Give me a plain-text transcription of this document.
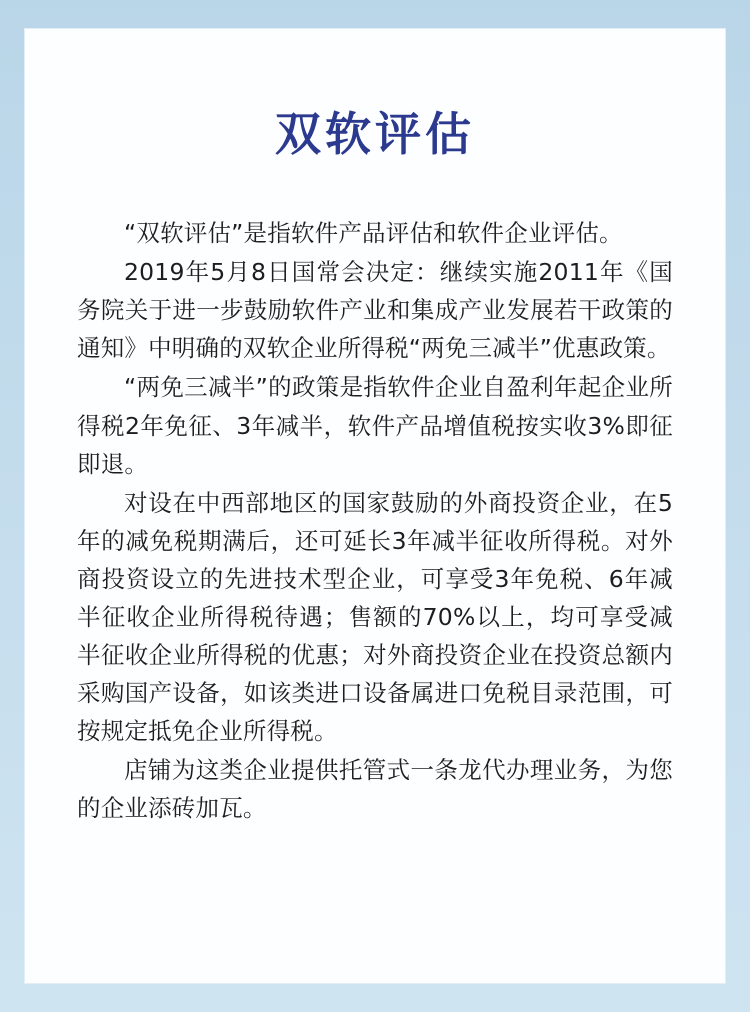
双软评估

“双软评估”是指软件产品评估和软件企业评估。

2019年5月8日国常会决定：继续实施2011年《国务院关于进一步鼓励软件产业和集成产业发展若干政策的通知》中明确的双软企业所得税“两免三减半”优惠政策。

“两免三减半”的政策是指软件企业自盈利年起企业所得税2年免征、3年减半，软件产品增值税按实收3%即征即退。

对设在中西部地区的国家鼓励的外商投资企业，在5年的减免税期满后，还可延长3年减半征收所得税。对外商投资设立的先进技术型企业，可享受3年免税、6年减半征收企业所得税待遇；售额的70%以上，均可享受减半征收企业所得税的优惠；对外商投资企业在投资总额内采购国产设备，如该类进口设备属进口免税目录范围，可按规定抵免企业所得税。

店铺为这类企业提供托管式一条龙代办理业务，为您的企业添砖加瓦。
